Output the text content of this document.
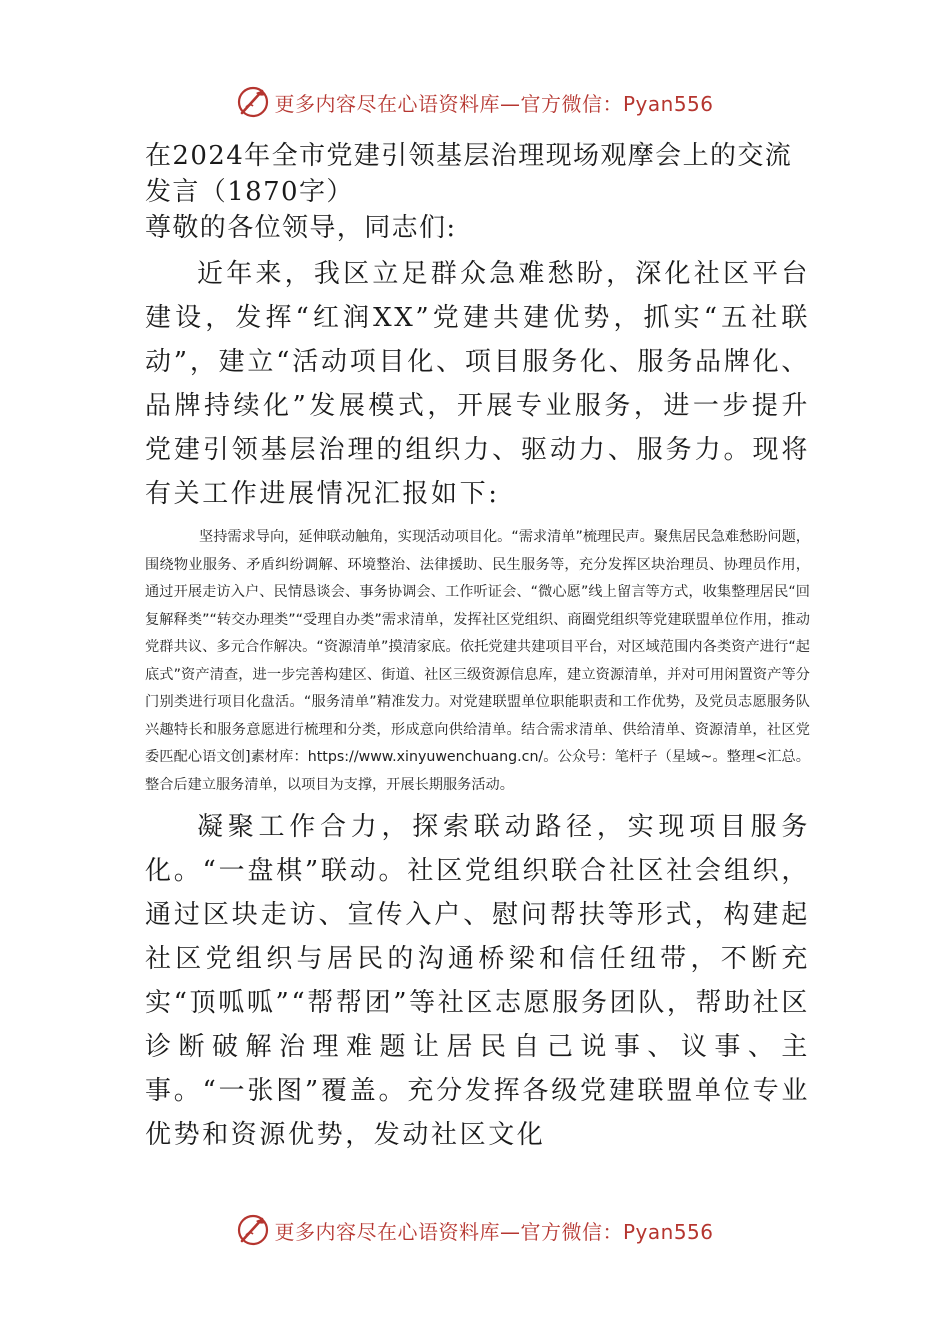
更多内容尽在心语资料库—官方微信：Pyan556

在2024年全市党建引领基层治理现场观摩会上的交流发言（1870字）

尊敬的各位领导，同志们:

近年来，我区立足群众急难愁盼，深化社区平台建设，发挥“红润XX”党建共建优势，抓实“五社联动”，建立“活动项目化、项目服务化、服务品牌化、品牌持续化”发展模式，开展专业服务，进一步提升党建引领基层治理的组织力、驱动力、服务力。现将有关工作进展情况汇报如下:

坚持需求导向，延伸联动触角，实现活动项目化。“需求清单”梳理民声。聚焦居民急难愁盼问题，围绕物业服务、矛盾纠纷调解、环境整治、法律援助、民生服务等，充分发挥区块治理员、协理员作用，通过开展走访入户、民情恳谈会、事务协调会、工作听证会、“微心愿”线上留言等方式，收集整理居民“回复解释类”“转交办理类”“受理自办类”需求清单，发挥社区党组织、商圈党组织等党建联盟单位作用，推动党群共议、多元合作解决。“资源清单”摸清家底。依托党建共建项目平台，对区域范围内各类资产进行“起底式”资产清查，进一步完善构建区、街道、社区三级资源信息库，建立资源清单，并对可用闲置资产等分门别类进行项目化盘活。“服务清单”精准发力。对党建联盟单位职能职责和工作优势，及党员志愿服务队兴趣特长和服务意愿进行梳理和分类，形成意向供给清单。结合需求清单、供给清单、资源清单，社区党委匹配心语文创]素材库：https://www.xinyuwenchuang.cn/。公众号：笔杆子（星域~。整理<汇总。整合后建立服务清单，以项目为支撑，开展长期服务活动。

凝聚工作合力，探索联动路径，实现项目服务化。“一盘棋”联动。社区党组织联合社区社会组织，通过区块走访、宣传入户、慰问帮扶等形式，构建起社区党组织与居民的沟通桥梁和信任纽带，不断充实“顶呱呱”“帮帮团”等社区志愿服务团队，帮助社区诊断破解治理难题让居民自己说事、议事、主事。“一张图”覆盖。充分发挥各级党建联盟单位专业优势和资源优势，发动社区文化

更多内容尽在心语资料库—官方微信：Pyan556
